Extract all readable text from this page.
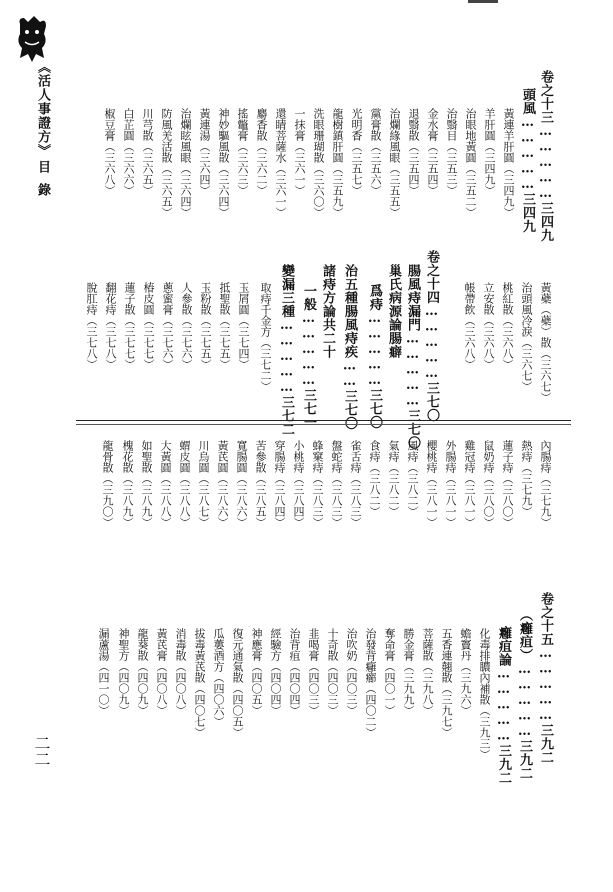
《活人事證方》
目錄	卷之十三……………三四九
頭風……………三四九
黃連羊肝圓（三四九）
羊肝圓（三四九）
治眼地黃圓（三五二）
治翳目（三五三）
金水膏（三五四）
退翳散（三五四）
治爛緣風眼（三五五）
黨膏散（三五六）
光明香（三五七）
龍樹鎮肝圓（三五九）
洗眼珊瑚散（三六〇）
一抹膏（三六一）
還睛菩薩水（三六一）
麝香散（三六二）
搖鼈膏（三六三）
神妙驅風散（三六四）
黃連湯（三六四）
治爛眩風眼（三六四）
防風羌活散（三六五）
川芎散（三六五）
白芷圓（三六六）
椒豆膏（三六八）
黃蘗（蘗）散（三六七）
治頭風冷淚（三六七）
桃紅散（三六八）
立安散（三六八）
帳帶飲（三六八）
卷之十四……………三七〇
腸風痔漏門……………三七〇
巢氏病源論腸癖
爲痔……………三七〇
治五種腸風痔疾……三七〇
諸痔方論共二十
一般……………三七一
變漏三種……………三七二
取痔千金方（三七二）
玉屑圓（三七四）
抵聖散（三七五）
玉粉散（三七五）
人參散（三七六）
蔥蜜膏（三七六）
椿皮圓（三七七）
蓮子散（三七七）
翻花痔（三七八）
脫肛痔（三七八）
內腸痔（三七九）
熱痔（三七九）
蓮子痔（三八〇）
鼠奶痔（三八〇）
雞冠痔（三八一）
外腸痔（三八一）
櫻桃痔（三八一）
風痔（三八二）
氣痔（三八二）
食痔（三八二）
雀舌痔（三八三）
盤蛇痔（三八三）
蜂窠痔（三八三）
小桃痔（三八四）
穿腸痔（三八四）
苦參散（三八五）
寬腸圓（三八六）
黃芪圓（三八六）
川烏圓（三八七）
蝟皮圓（三八八）
大黃圓（三八八）
如聖散（三八九）
槐花散（三八九）
龍骨散（三九〇）
卷之十五……………三九二
（癰疽）……………三九二
癰疽論……………三九二
化毒排膿內補散（三九三）
蟾竇丹（三九六）
五香連翹散（三九七）
菩薩散（三九八）
勝金膏（三九九）
奪命膏（四〇一）
治發背癰癤（四〇二）
治吹奶（四〇三）
十奇散（四〇三）
韭喝膏（四〇三）
治背疽（四〇四）
經驗方（四〇四）
神應膏（四〇五）
復元通氣散（四〇五）
瓜蔞酒方（四〇六）
拔毒黃芪散（四〇七）
消毒散（四〇八）
黃芪膏（四〇八）
龍葵散（四〇九）
神聖方（四〇九）
漏蘆湯（四一〇）
二二
